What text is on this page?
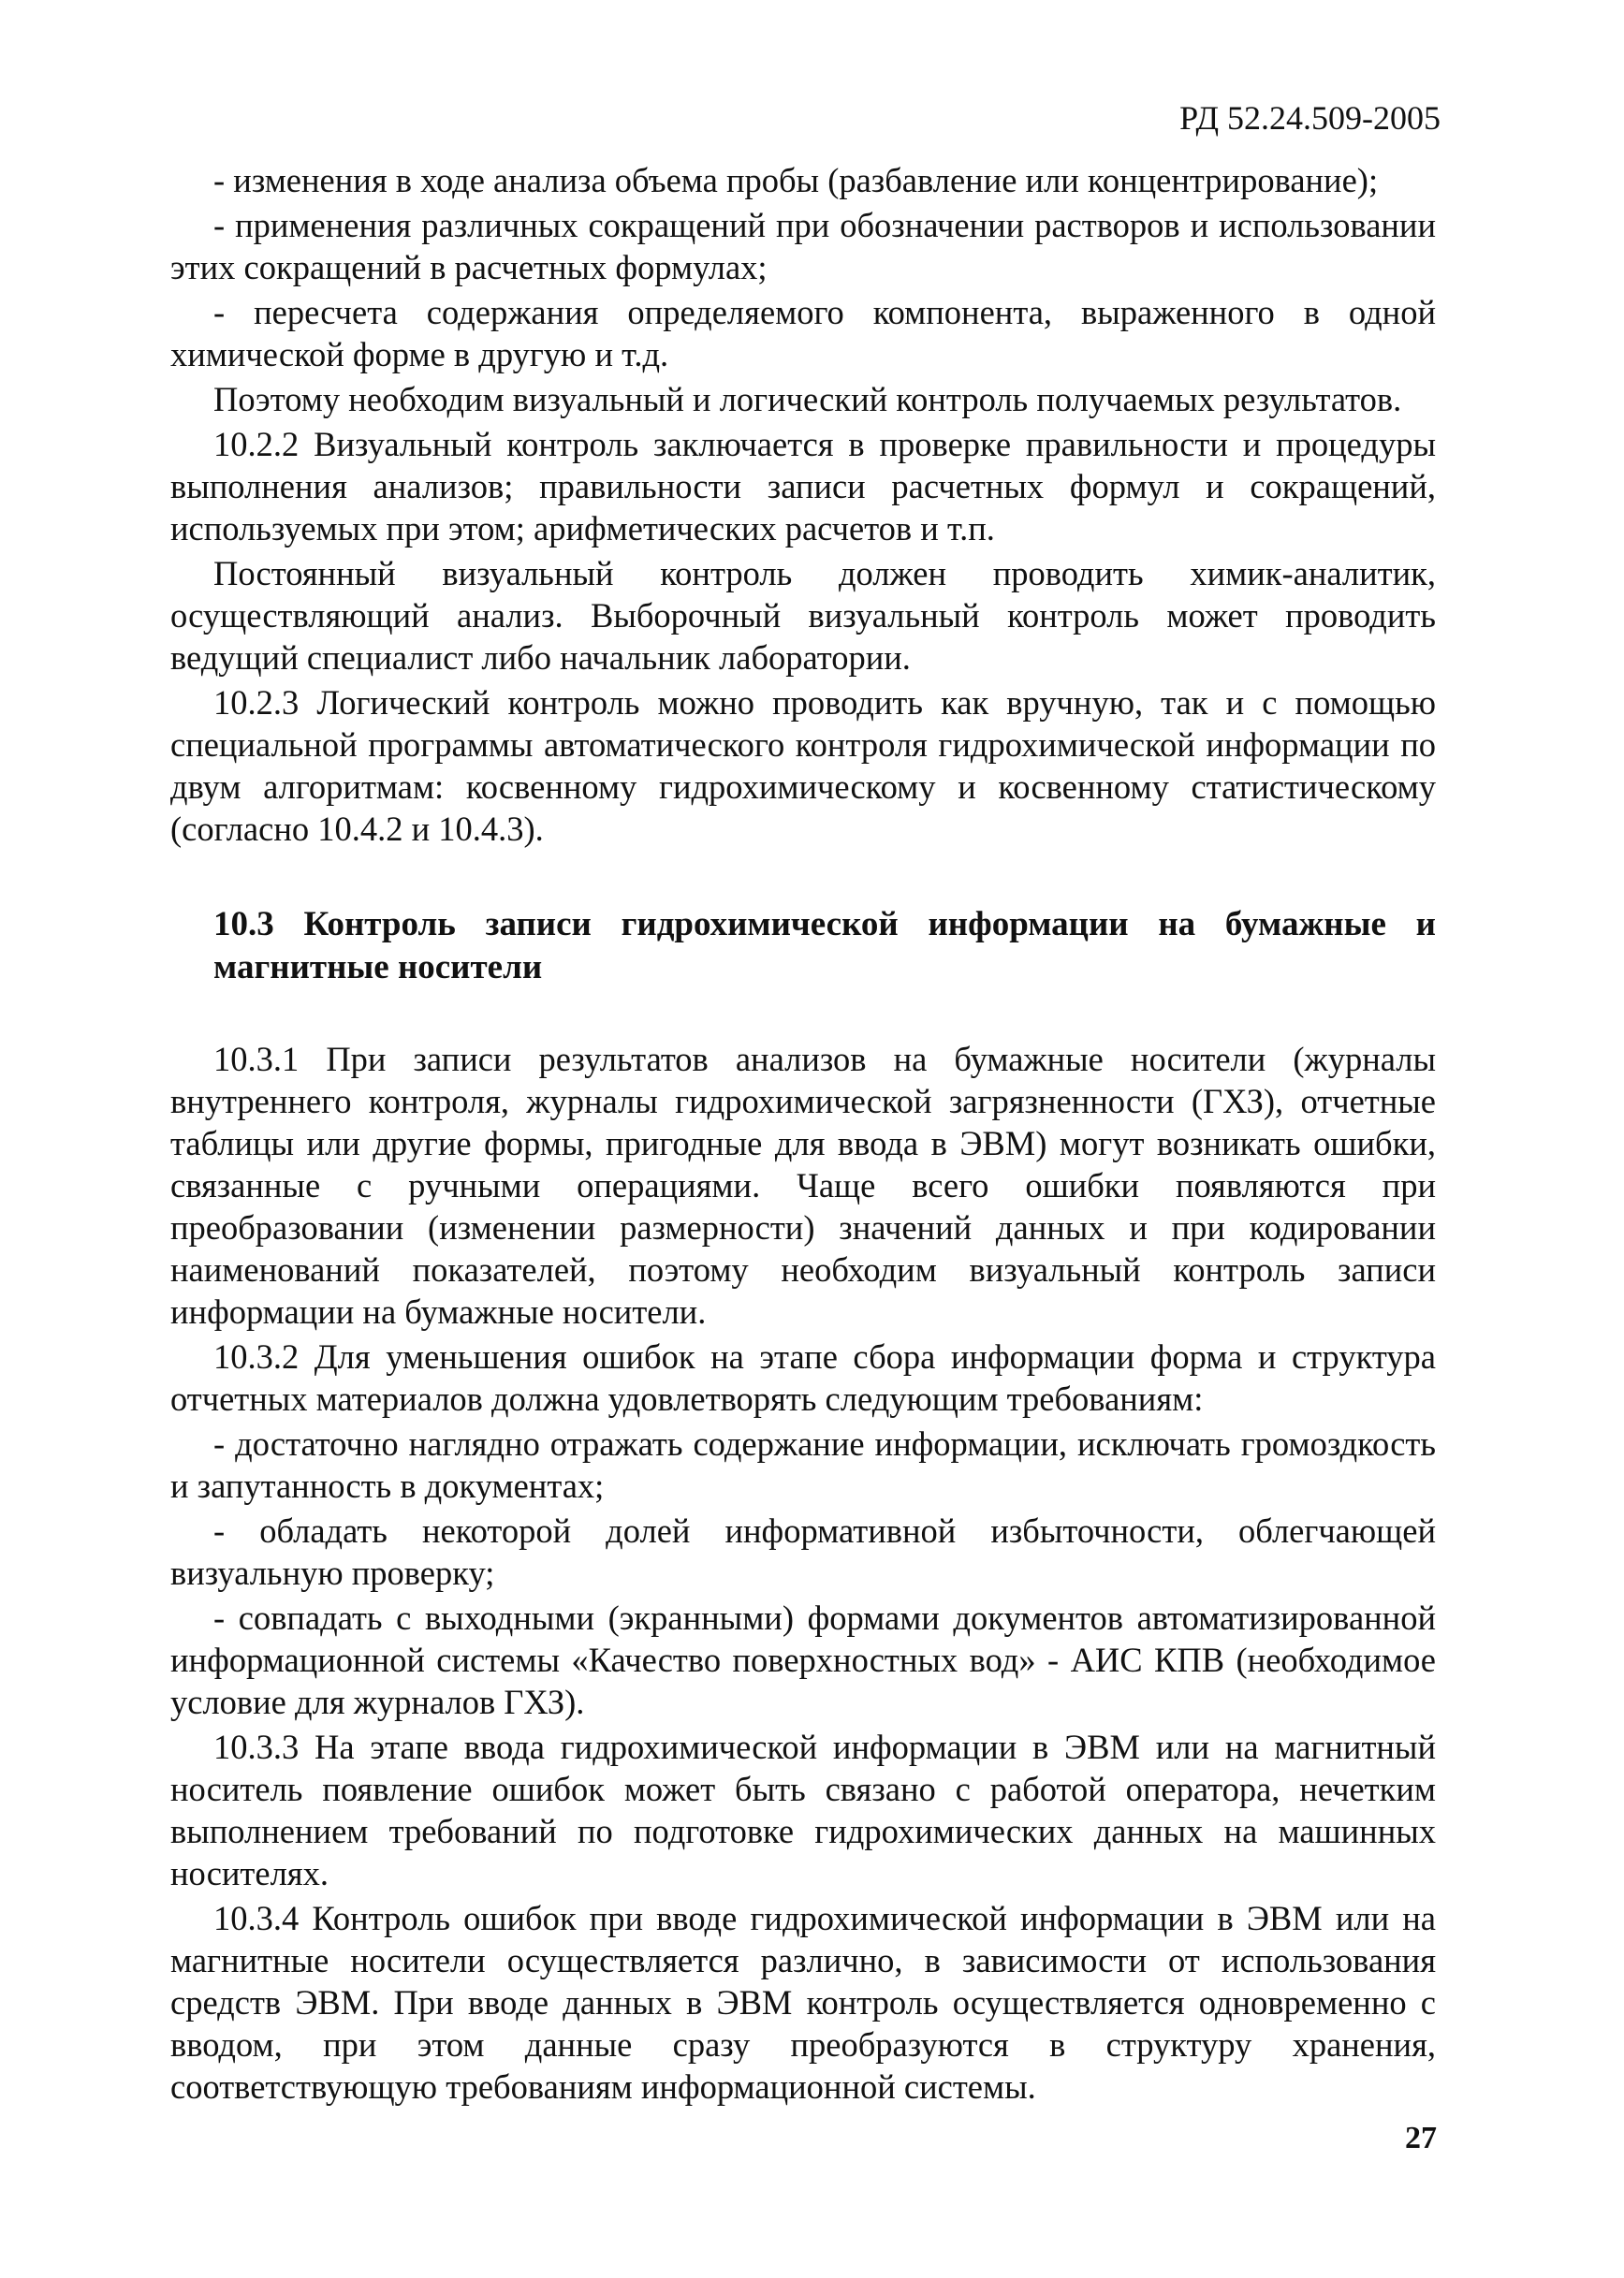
РД 52.24.509-2005

- изменения в ходе анализа объема пробы (разбавление или концентрирование);

- применения различных сокращений при обозначении растворов и использовании этих сокращений в расчетных формулах;

- пересчета содержания определяемого компонента, выраженного в одной химической форме в другую и т.д.

Поэтому необходим визуальный и логический контроль получаемых результатов.

10.2.2 Визуальный контроль заключается в проверке правильности и процедуры выполнения анализов; правильности записи расчетных формул и сокращений, используемых при этом; арифметических расчетов и т.п.

Постоянный визуальный контроль должен проводить химик-аналитик, осуществляющий анализ. Выборочный визуальный контроль может проводить ведущий специалист либо начальник лаборатории.

10.2.3 Логический контроль можно проводить как вручную, так и с помощью специальной программы автоматического контроля гидрохимической информации по двум алгоритмам: косвенному гидрохимическому и косвенному статистическому (согласно 10.4.2 и 10.4.3).

10.3 Контроль записи гидрохимической информации на бумажные и магнитные носители

10.3.1 При записи результатов анализов на бумажные носители (журналы внутреннего контроля, журналы гидрохимической загрязненности (ГХЗ), отчетные таблицы или другие формы, пригодные для ввода в ЭВМ) могут возникать ошибки, связанные с ручными операциями. Чаще всего ошибки появляются при преобразовании (изменении размерности) значений данных и при кодировании наименований показателей, поэтому необходим визуальный контроль записи информации на бумажные носители.

10.3.2 Для уменьшения ошибок на этапе сбора информации форма и структура отчетных материалов должна удовлетворять следующим требованиям:

- достаточно наглядно отражать содержание информации, исключать громоздкость и запутанность в документах;

- обладать некоторой долей информативной избыточности, облегчающей визуальную проверку;

- совпадать с выходными (экранными) формами документов автоматизированной информационной системы «Качество поверхностных вод» - АИС КПВ (необходимое условие для журналов ГХЗ).

10.3.3 На этапе ввода гидрохимической информации в ЭВМ или на магнитный носитель появление ошибок может быть связано с работой оператора, нечетким выполнением требований по подготовке гидрохимических данных на машинных носителях.

10.3.4 Контроль ошибок при вводе гидрохимической информации в ЭВМ или на магнитные носители осуществляется различно, в зависимости от использования средств ЭВМ. При вводе данных в ЭВМ контроль осуществляется одновременно с вводом, при этом данные сразу преобразуются в структуру хранения, соответствующую требованиям информационной системы.

27
